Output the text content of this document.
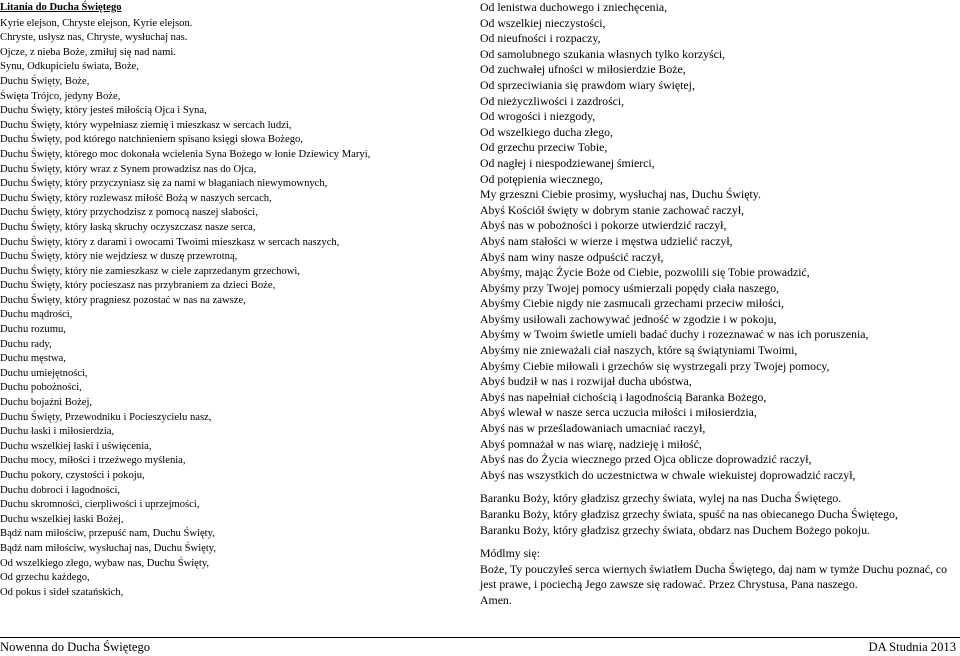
Litania do Ducha Świętego
Kyrie elejson, Chryste elejson, Kyrie elejson.
Chryste, usłysz nas, Chryste, wysłuchaj nas.
Ojcze, z nieba Boże, zmiłuj się nad nami.
Synu, Odkupicielu świata, Boże,
Duchu Święty, Boże,
Święta Trójco, jedyny Boże,
Duchu Święty, który jesteś miłością Ojca i Syna,
Duchu Święty, który wypełniasz ziemię i mieszkasz w sercach ludzi,
Duchu Święty, pod którego natchnieniem spisano księgi słowa Bożego,
Duchu Święty, którego moc dokonała wcielenia Syna Bożego w łonie Dziewicy Maryi,
Duchu Święty, który wraz z Synem prowadzisz nas do Ojca,
Duchu Święty, który przyczyniasz się za nami w błaganiach niewymownych,
Duchu Święty, który rozlewasz miłość Bożą w naszych sercach,
Duchu Święty, który przychodzisz z pomocą naszej słabości,
Duchu Święty, który łaską skruchy oczyszczasz nasze serca,
Duchu Święty, który z darami i owocami Twoimi mieszkasz w sercach naszych,
Duchu Święty, który nie wejdziesz w duszę przewrotną,
Duchu Święty, który nie zamieszkasz w ciele zaprzedanym grzechowi,
Duchu Święty, który pocieszasz nas przybraniem za dzieci Boże,
Duchu Święty, który pragniesz pozostać w nas na zawsze,
Duchu mądrości,
Duchu rozumu,
Duchu rady,
Duchu męstwa,
Duchu umiejętności,
Duchu pobożności,
Duchu bojaźni Bożej,
Duchu Święty, Przewodniku i Pocieszycielu nasz,
Duchu łaski i miłosierdzia,
Duchu wszelkiej łaski i uświęcenia,
Duchu mocy, miłości i trzeźwego myślenia,
Duchu pokory, czystości i pokoju,
Duchu dobroci i łagodności,
Duchu skromności, cierpliwości i uprzejmości,
Duchu wszelkiej łaski Bożej,
Bądź nam miłościw, przepuść nam, Duchu Święty,
Bądź nam miłościw, wysłuchaj nas, Duchu Święty,
Od wszelkiego złego, wybaw nas, Duchu Święty,
Od grzechu każdego,
Od pokus i sideł szatańskich,
Od lenistwa duchowego i zniechęcenia,
Od wszelkiej nieczystości,
Od nieufności i rozpaczy,
Od samolubnego szukania własnych tylko korzyści,
Od zuchwałej ufności w miłosierdzie Boże,
Od sprzeciwiania się prawdom wiary świętej,
Od nieżyczliwości i zazdrości,
Od wrogości i niezgody,
Od wszelkiego ducha złego,
Od grzechu przeciw Tobie,
Od nagłej i niespodziewanej śmierci,
Od potępienia wiecznego,
My grzeszni Ciebie prosimy, wysłuchaj nas, Duchu Święty.
Abyś Kościół święty w dobrym stanie zachować raczył,
Abyś nas w pobożności i pokorze utwierdzić raczył,
Abyś nam stałości w wierze i męstwa udzielić raczył,
Abyś nam winy nasze odpuścić raczył,
Abyśmy, mając Życie Boże od Ciebie, pozwolili się Tobie prowadzić,
Abyśmy przy Twojej pomocy uśmierzali popędy ciała naszego,
Abyśmy Ciebie nigdy nie zasmucali grzechami przeciw miłości,
Abyśmy usiłowali zachowywać jedność w zgodzie i w pokoju,
Abyśmy w Twoim świetle umieli badać duchy i rozeznawać w nas ich poruszenia,
Abyśmy nie znieważali ciał naszych, które są świątyniami Twoimi,
Abyśmy Ciebie miłowali i grzechów się wystrzegali przy Twojej pomocy,
Abyś budził w nas i rozwijał ducha ubóstwa,
Abyś nas napełniał cichością i łagodnością Baranka Bożego,
Abyś wlewał w nasze serca uczucia miłości i miłosierdzia,
Abyś nas w prześladowaniach umacniać raczył,
Abyś pomnażał w nas wiarę, nadzieję i miłość,
Abyś nas do Życia wiecznego przed Ojca oblicze doprowadzić raczył,
Abyś nas wszystkich do uczestnictwa w chwale wiekuistej doprowadzić raczył,
Baranku Boży, który gładzisz grzechy świata, wylej na nas Ducha Świętego.
Baranku Boży, który gładzisz grzechy świata, spuść na nas obiecanego Ducha Świętego,
Baranku Boży, który gładzisz grzechy świata, obdarz nas Duchem Bożego pokoju.
Módlmy się:
Boże, Ty pouczyłeś serca wiernych światłem Ducha Świętego, daj nam w tymże Duchu poznać, co jest prawe, i pociechą Jego zawsze się radować. Przez Chrystusa, Pana naszego.
Amen.
Nowenna do Ducha Świętego	DA Studnia 2013
